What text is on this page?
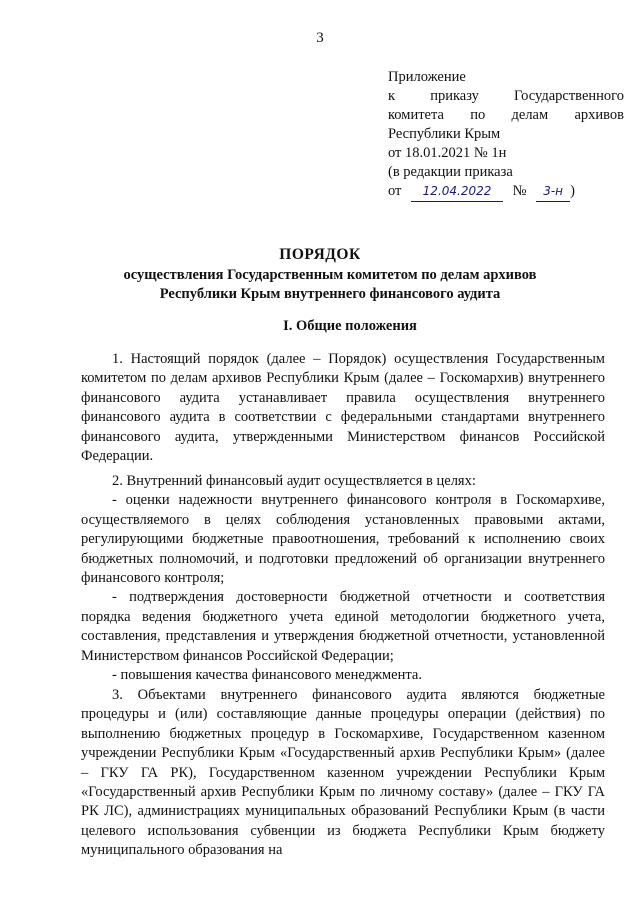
3
Приложение
к приказу Государственного
комитета по делам архивов
Республики Крым
от 18.01.2021 № 1н
(в редакции приказа
от 12.04.2022 № 3-н )
ПОРЯДОК
осуществления Государственным комитетом по делам архивов Республики Крым внутреннего финансового аудита
I. Общие положения

1. Настоящий порядок (далее – Порядок) осуществления Государственным комитетом по делам архивов Республики Крым (далее – Госкомархив) внутреннего финансового аудита устанавливает правила осуществления внутреннего финансового аудита в соответствии с федеральными стандартами внутреннего финансового аудита, утвержденными Министерством финансов Российской Федерации.

2. Внутренний финансовый аудит осуществляется в целях:

- оценки надежности внутреннего финансового контроля в Госкомархиве, осуществляемого в целях соблюдения установленных правовыми актами, регулирующими бюджетные правоотношения, требований к исполнению своих бюджетных полномочий, и подготовки предложений об организации внутреннего финансового контроля;

- подтверждения достоверности бюджетной отчетности и соответствия порядка ведения бюджетного учета единой методологии бюджетного учета, составления, представления и утверждения бюджетной отчетности, установленной Министерством финансов Российской Федерации;

- повышения качества финансового менеджмента.

3. Объектами внутреннего финансового аудита являются бюджетные процедуры и (или) составляющие данные процедуры операции (действия) по выполнению бюджетных процедур в Госкомархиве, Государственном казенном учреждении Республики Крым «Государственный архив Республики Крым» (далее – ГКУ ГА РК), Государственном казенном учреждении Республики Крым «Государственный архив Республики Крым по личному составу» (далее – ГКУ ГА РК ЛС), администрациях муниципальных образований Республики Крым (в части целевого использования субвенции из бюджета Республики Крым бюджету муниципального образования на
